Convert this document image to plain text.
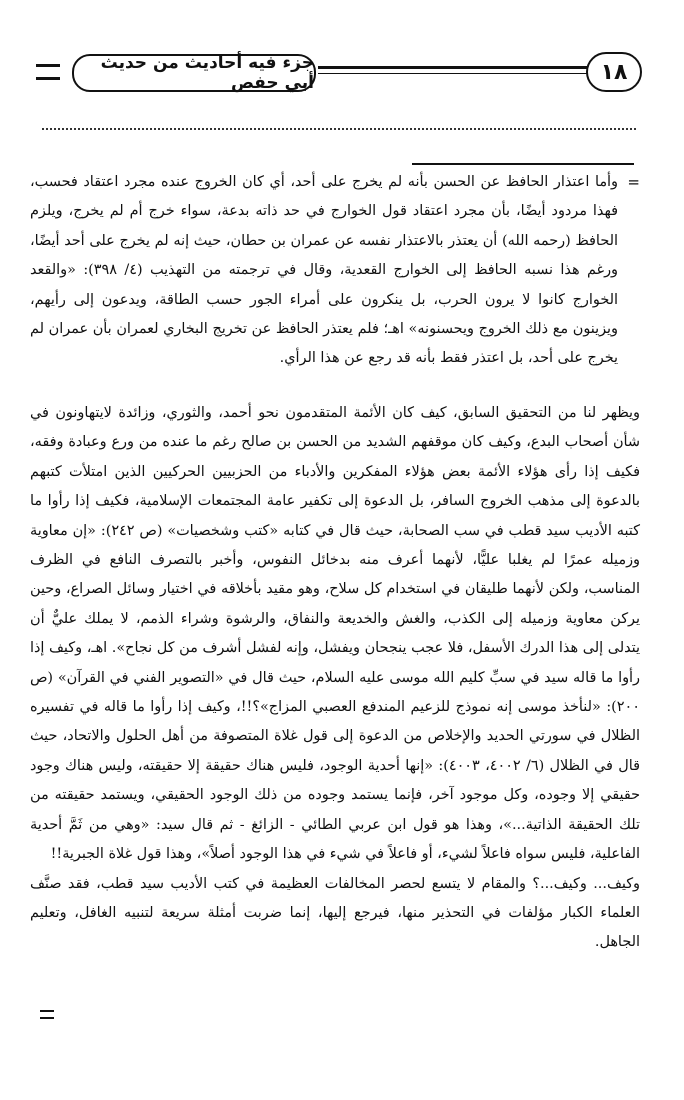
جزء فيه أحاديث من حديث أبي حفص	١٨
=
وأما اعتذار الحافظ عن الحسن بأنه لم يخرج على أحد، أي كان الخروج عنده مجرد اعتقاد فحسب، فهذا مردود أيضًا، بأن مجرد اعتقاد قول الخوارج في حد ذاته بدعة، سواء خرج أم لم يخرج، ويلزم الحافظ (رحمه الله) أن يعتذر بالاعتذار نفسه عن عمران بن حطان، حيث إنه لم يخرج على أحد أيضًا، ورغم هذا نسبه الحافظ إلى الخوارج القعدية، وقال في ترجمته من التهذيب (٤/ ٣٩٨): «والقعد الخوارج كانوا لا يرون الحرب، بل ينكرون على أمراء الجور حسب الطاقة، ويدعون إلى رأيهم، ويزينون مع ذلك الخروج ويحسنونه» اهـ؛ فلم يعتذر الحافظ عن تخريج البخاري لعمران بأن عمران لم يخرج على أحد، بل اعتذر فقط بأنه قد رجع عن هذا الرأي.

ويظهر لنا من التحقيق السابق، كيف كان الأئمة المتقدمون نحو أحمد، والثوري، وزائدة لايتهاونون في شأن أصحاب البدع، وكيف كان موقفهم الشديد من الحسن بن صالح رغم ما عنده من ورع وعبادة وفقه، فكيف إذا رأى هؤلاء الأئمة بعض هؤلاء المفكرين والأدباء من الحزبيين الحركيين الذين امتلأت كتبهم بالدعوة إلى مذهب الخروج السافر، بل الدعوة إلى تكفير عامة المجتمعات الإسلامية، فكيف إذا رأوا ما كتبه الأديب سيد قطب في سب الصحابة، حيث قال في كتابه «كتب وشخصيات» (ص ٢٤٢): «إن معاوية وزميله عمرًا لم يغلبا عليًّا، لأنهما أعرف منه بدخائل النفوس، وأخبر بالتصرف النافع في الظرف المناسب، ولكن لأنهما طليقان في استخدام كل سلاح، وهو مقيد بأخلاقه في اختيار وسائل الصراع، وحين يركن معاوية وزميله إلى الكذب، والغش والخديعة والنفاق، والرشوة وشراء الذمم، لا يملك عليٌّ أن يتدلى إلى هذا الدرك الأسفل، فلا عجب ينجحان ويفشل، وإنه لفشل أشرف من كل نجاح». اهـ، وكيف إذا رأوا ما قاله سيد في سبِّ كليم الله موسى عليه السلام، حيث قال في «التصوير الفني في القرآن» (ص ٢٠٠): «لنأخذ موسى إنه نموذج للزعيم المندفع العصبي المزاج»؟!!، وكيف إذا رأوا ما قاله في تفسيره الظلال في سورتي الحديد والإخلاص من الدعوة إلى قول غلاة المتصوفة من أهل الحلول والاتحاد، حيث قال في الظلال (٦/ ٤٠٠٢، ٤٠٠٣): «إنها أحدية الوجود، فليس هناك حقيقة إلا حقيقته، وليس هناك وجود حقيقي إلا وجوده، وكل موجود آخر، فإنما يستمد وجوده من ذلك الوجود الحقيقي، ويستمد حقيقته من تلك الحقيقة الذاتية...»، وهذا هو قول ابن عربي الطائي - الزائغ - ثم قال سيد: «وهي من ثَمَّ أحدية الفاعلية، فليس سواه فاعلاً لشيء، أو فاعلاً في شيء في هذا الوجود أصلاً»، وهذا قول غلاة الجبرية!!

وكيف... وكيف...؟ والمقام لا يتسع لحصر المخالفات العظيمة في كتب الأديب سيد قطب، فقد صنَّف العلماء الكبار مؤلفات في التحذير منها، فيرجع إليها، إنما ضربت أمثلة سريعة لتنبيه الغافل، وتعليم الجاهل.
